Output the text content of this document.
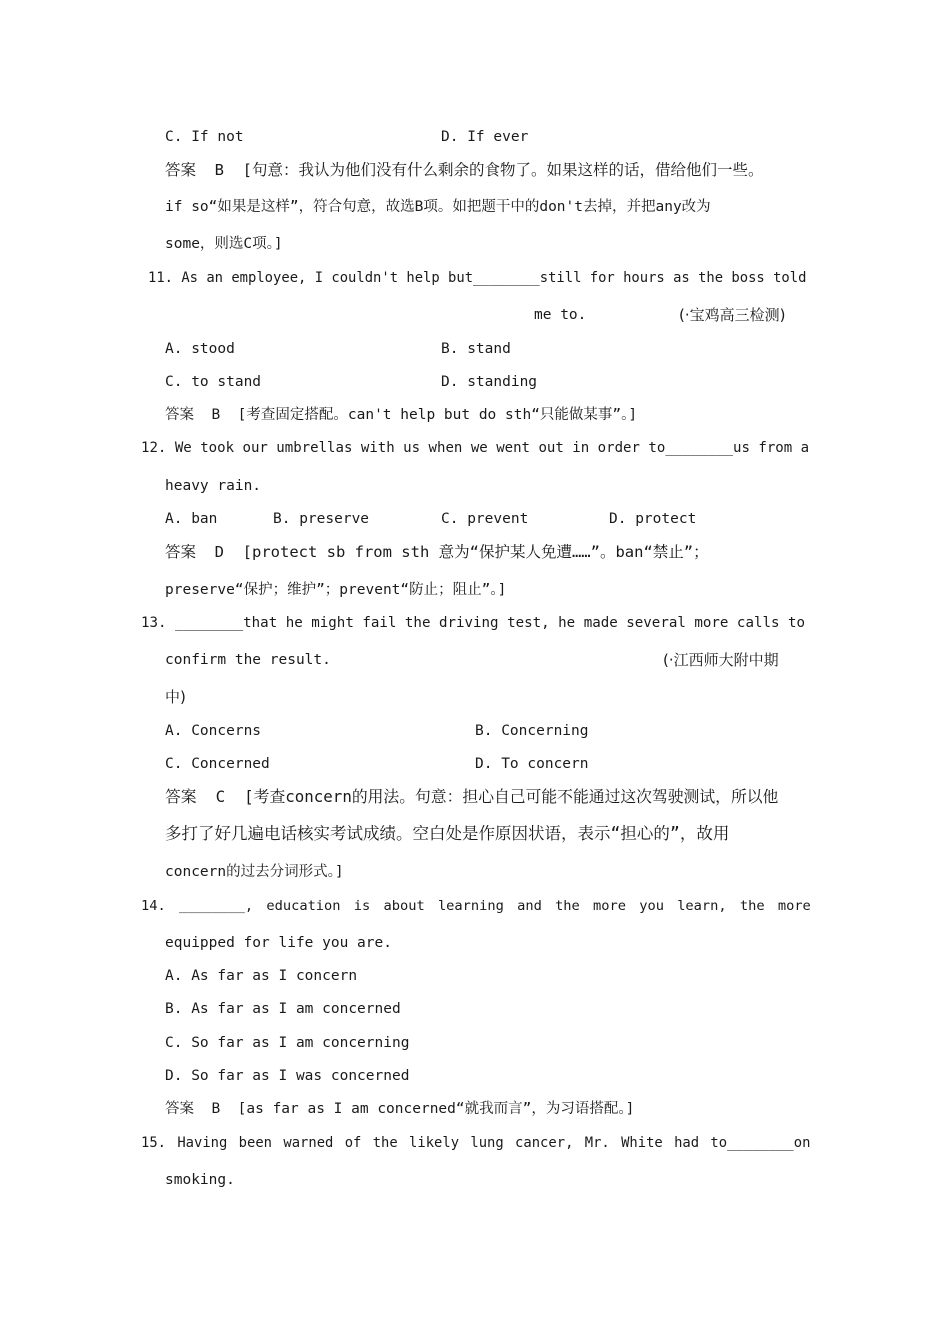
C. If not	D. If ever
答案  B  [句意：我认为他们没有什么剩余的食物了。如果这样的话，借给他们一些。
if so“如果是这样”，符合句意，故选B项。如把题干中的don't去掉，并把any改为
some，则选C项。]
11. As an employee, I couldn't help but________still for hours as the boss told
me to.	(·宝鸡高三检测)
A. stood	B. stand
C. to stand	D. standing
答案  B  [考查固定搭配。can't help but do sth“只能做某事”。]
12. We took our umbrellas with us when we went out in order to________us from a
heavy rain.
A. ban	B. preserve	C. prevent	D. protect
答案  D  [protect sb from sth 意为“保护某人免遭……”。ban“禁止”；
preserve“保护；维护”；prevent“防止；阻止”。]
13. ________that he might fail the driving test, he made several more calls to
confirm the result.	(·江西师大附中期
中)
A. Concerns	B. Concerning
C. Concerned	D. To concern
答案  C  [考查concern的用法。句意：担心自己可能不能通过这次驾驶测试，所以他
多打了好几遍电话核实考试成绩。空白处是作原因状语，表示“担心的”，故用
concern的过去分词形式。]
14. ________, education is about learning and the more you learn, the more
equipped for life you are.
A. As far as I concern
B. As far as I am concerned
C. So far as I am concerning
D. So far as I was concerned
答案  B  [as far as I am concerned“就我而言”，为习语搭配。]
15. Having been warned of the likely lung cancer, Mr. White had to________on
smoking.
